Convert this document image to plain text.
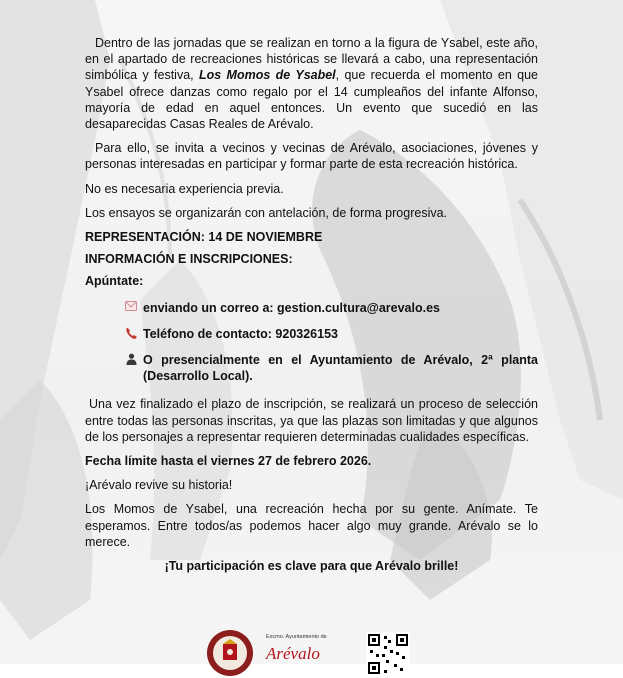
Dentro de las jornadas que se realizan en torno a la figura de Ysabel, este año, en el apartado de recreaciones históricas se llevará a cabo, una representación simbólica y festiva, Los Momos de Ysabel, que recuerda el momento en que Ysabel ofrece danzas como regalo por el 14 cumpleaños del infante Alfonso, mayoría de edad en aquel entonces. Un evento que sucedió en las desaparecidas Casas Reales de Arévalo.

Para ello, se invita a vecinos y vecinas de Arévalo, asociaciones, jóvenes y personas interesadas en participar y formar parte de esta recreación histórica.

No es necesaria experiencia previa.

Los ensayos se organizarán con antelación, de forma progresiva.

REPRESENTACIÓN: 14 DE NOVIEMBRE

INFORMACIÓN E INSCRIPCIONES:

Apúntate:

enviando un correo a: gestion.cultura@arevalo.es
Teléfono de contacto: 920326153
O presencialmente en el Ayuntamiento de Arévalo, 2ª planta (Desarrollo Local).

Una vez finalizado el plazo de inscripción, se realizará un proceso de selección entre todas las personas inscritas, ya que las plazas son limitadas y que algunos de los personajes a representar requieren determinadas cualidades específicas.

Fecha límite hasta el viernes 27 de febrero 2026.

¡Arévalo revive su historia!

Los Momos de Ysabel, una recreación hecha por su gente. Anímate. Te esperamos. Entre todos/as podemos hacer algo muy grande. Arévalo se lo merece.

¡Tu participación es clave para que Arévalo brille!

Excmo. Ayuntamiento de
Arévalo
